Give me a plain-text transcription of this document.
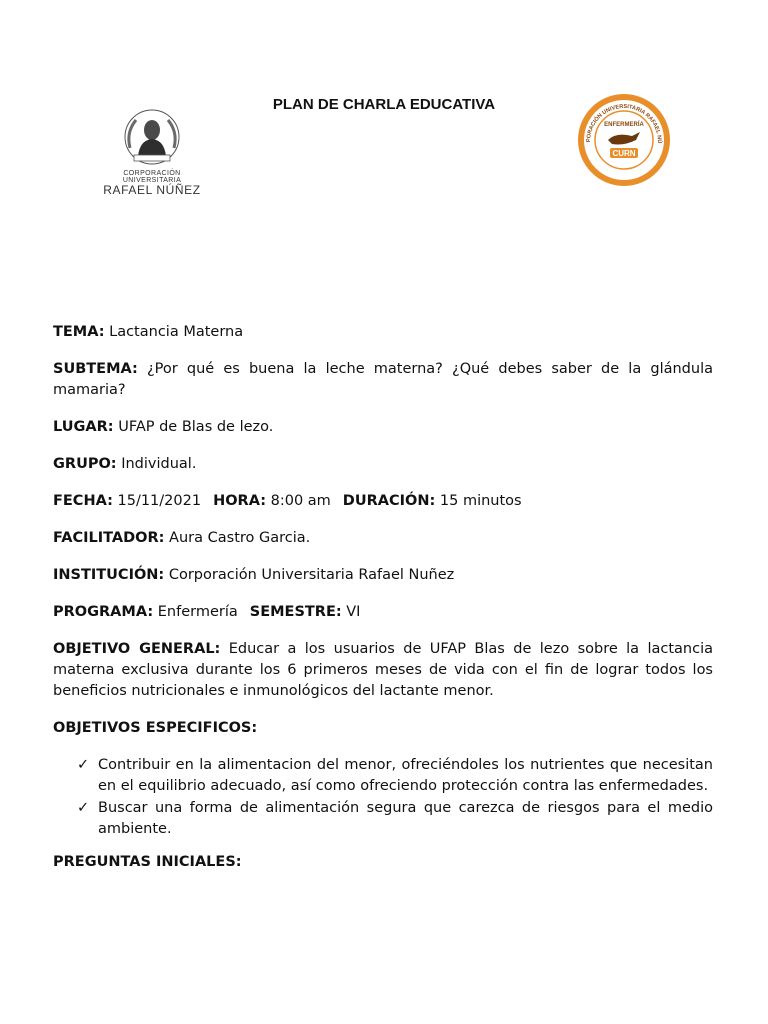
PLAN DE CHARLA EDUCATIVA
CORPORACIÓN UNIVERSITARIA
RAFAEL NÚÑEZ
PORACIÓN UNIVERSITARIA RAFAEL NÚ
ENFERMERÍA
CURN

TEMA: Lactancia Materna

SUBTEMA: ¿Por qué es buena la leche materna? ¿Qué debes saber de la glándula mamaria?

LUGAR: UFAP de Blas de lezo.

GRUPO: Individual.

FECHA: 15/11/2021 HORA: 8:00 am DURACIÓN: 15 minutos

FACILITADOR: Aura Castro Garcia.

INSTITUCIÓN: Corporación Universitaria Rafael Nuñez

PROGRAMA: Enfermería SEMESTRE: VI

OBJETIVO GENERAL: Educar a los usuarios de UFAP Blas de lezo sobre la lactancia materna exclusiva durante los 6 primeros meses de vida con el fin de lograr todos los beneficios nutricionales e inmunológicos del lactante menor.

OBJETIVOS ESPECIFICOS:

✓ Contribuir en la alimentacion del menor, ofreciéndoles los nutrientes que necesitan en el equilibrio adecuado, así como ofreciendo protección contra las enfermedades.
✓ Buscar una forma de alimentación segura que carezca de riesgos para el medio ambiente.

PREGUNTAS INICIALES:
